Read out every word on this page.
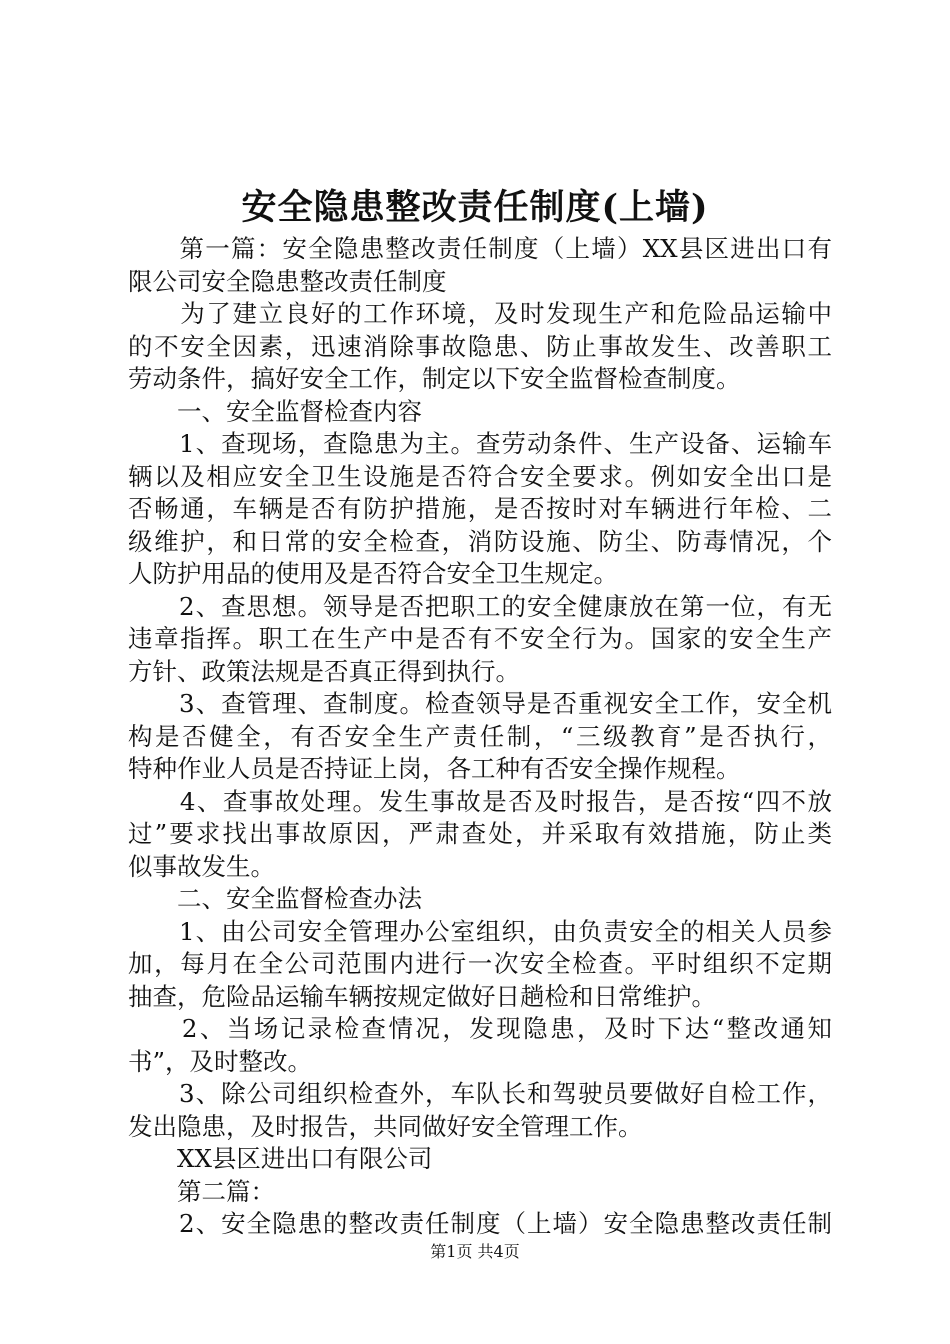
安全隐患整改责任制度(上墙)
　　第一篇：安全隐患整改责任制度（上墙）XX县区进出口有
限公司安全隐患整改责任制度
　　为了建立良好的工作环境，及时发现生产和危险品运输中
的不安全因素，迅速消除事故隐患、防止事故发生、改善职工
劳动条件，搞好安全工作，制定以下安全监督检查制度。
　　一、安全监督检查内容
　　1、查现场，查隐患为主。查劳动条件、生产设备、运输车
辆以及相应安全卫生设施是否符合安全要求。例如安全出口是
否畅通，车辆是否有防护措施，是否按时对车辆进行年检、二
级维护，和日常的安全检查，消防设施、防尘、防毒情况，个
人防护用品的使用及是否符合安全卫生规定。
　　2、查思想。领导是否把职工的安全健康放在第一位，有无
违章指挥。职工在生产中是否有不安全行为。国家的安全生产
方针、政策法规是否真正得到执行。
　　3、查管理、查制度。检查领导是否重视安全工作，安全机
构是否健全，有否安全生产责任制，“三级教育”是否执行，
特种作业人员是否持证上岗，各工种有否安全操作规程。
　　4、查事故处理。发生事故是否及时报告，是否按“四不放
过”要求找出事故原因，严肃查处，并采取有效措施，防止类
似事故发生。
　　二、安全监督检查办法
　　1、由公司安全管理办公室组织，由负责安全的相关人员参
加，每月在全公司范围内进行一次安全检查。平时组织不定期
抽查，危险品运输车辆按规定做好日趟检和日常维护。
　　2、当场记录检查情况，发现隐患，及时下达“整改通知
书”，及时整改。
　　3、除公司组织检查外，车队长和驾驶员要做好自检工作，
发出隐患，及时报告，共同做好安全管理工作。
　　XX县区进出口有限公司
　　第二篇：
　　2、安全隐患的整改责任制度（上墙）安全隐患整改责任制
第1页 共4页
